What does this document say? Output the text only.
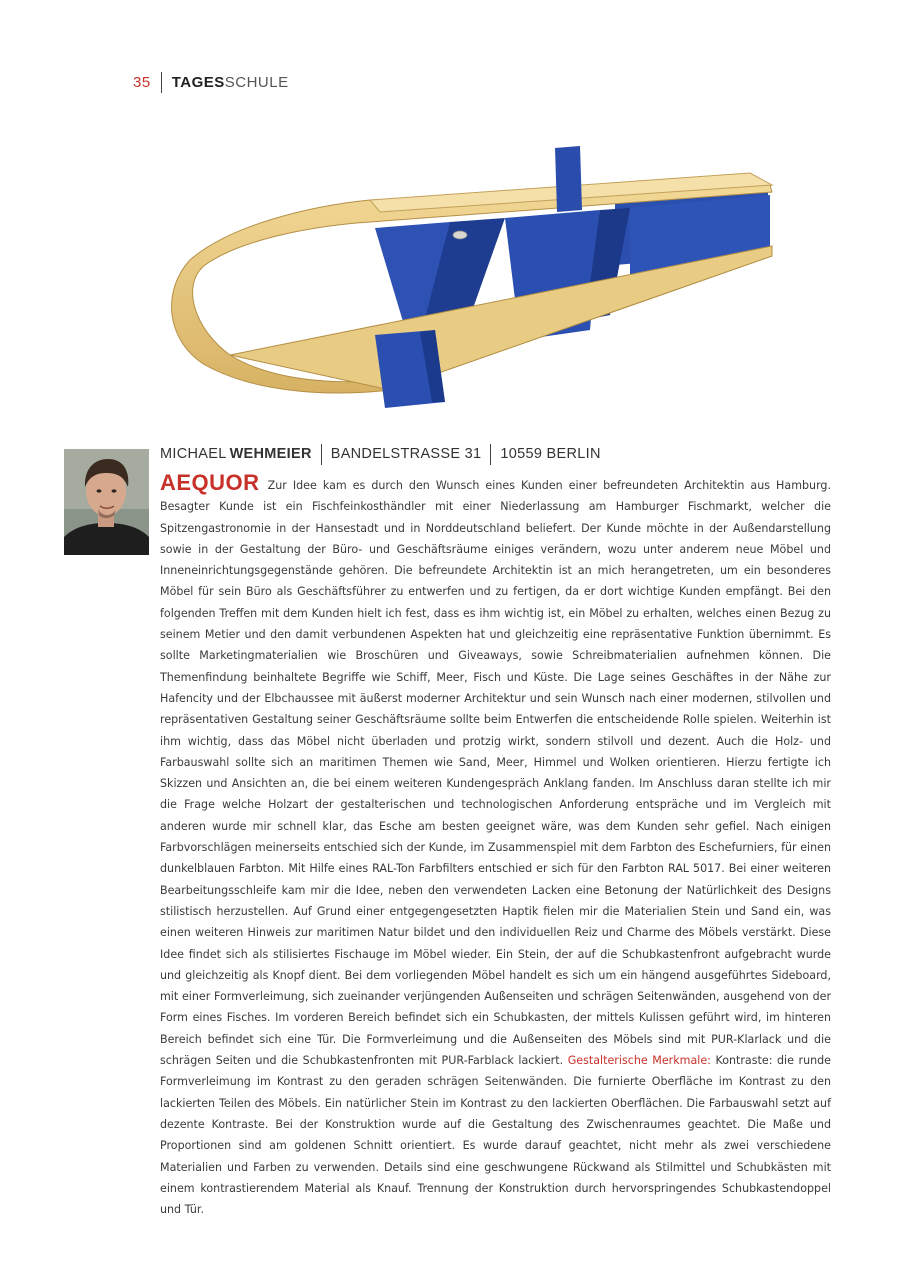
35 TAGES SCHULE
MICHAEL WEHMEIER BANDELSTRASSE 31 10559 BERLIN
AEQUOR Zur Idee kam es durch den Wunsch eines Kunden einer befreundeten Architektin aus Hamburg. Besagter Kunde ist ein Fischfeinkosthändler mit einer Niederlassung am Hamburger Fischmarkt, welcher die Spitzengastronomie in der Hansestadt und in Norddeutschland beliefert. Der Kunde möchte in der Außendarstellung sowie in der Gestaltung der Büro- und Geschäftsräume einiges verändern, wozu unter anderem neue Möbel und Inneneinrichtungsgegenstände gehören. Die befreundete Architektin ist an mich herangetreten, um ein besonderes Möbel für sein Büro als Geschäftsführer zu entwerfen und zu fertigen, da er dort wichtige Kunden empfängt. Bei den folgenden Treffen mit dem Kunden hielt ich fest, dass es ihm wichtig ist, ein Möbel zu erhalten, welches einen Bezug zu seinem Metier und den damit verbundenen Aspekten hat und gleichzeitig eine repräsentative Funktion übernimmt. Es sollte Marketingmaterialien wie Broschüren und Giveaways, sowie Schreibmaterialien aufnehmen können. Die Themenfindung beinhaltete Begriffe wie Schiff, Meer, Fisch und Küste. Die Lage seines Geschäftes in der Nähe zur Hafencity und der Elbchaussee mit äußerst moderner Architektur und sein Wunsch nach einer modernen, stilvollen und repräsentativen Gestaltung seiner Geschäftsräume sollte beim Entwerfen die entscheidende Rolle spielen. Weiterhin ist ihm wichtig, dass das Möbel nicht überladen und protzig wirkt, sondern stilvoll und dezent. Auch die Holz- und Farbauswahl sollte sich an maritimen Themen wie Sand, Meer, Himmel und Wolken orientieren. Hierzu fertigte ich Skizzen und Ansichten an, die bei einem weiteren Kundengespräch Anklang fanden. Im Anschluss daran stellte ich mir die Frage welche Holzart der gestalterischen und technologischen Anforderung entspräche und im Vergleich mit anderen wurde mir schnell klar, das Esche am besten geeignet wäre, was dem Kunden sehr gefiel. Nach einigen Farbvorschlägen meinerseits entschied sich der Kunde, im Zusammenspiel mit dem Farbton des Eschefurniers, für einen dunkelblauen Farbton. Mit Hilfe eines RAL-Ton Farbfilters entschied er sich für den Farbton RAL 5017. Bei einer weiteren Bearbeitungsschleife kam mir die Idee, neben den verwendeten Lacken eine Betonung der Natürlichkeit des Designs stilistisch herzustellen. Auf Grund einer entgegengesetzten Haptik fielen mir die Materialien Stein und Sand ein, was einen weiteren Hinweis zur maritimen Natur bildet und den individuellen Reiz und Charme des Möbels verstärkt. Diese Idee findet sich als stilisiertes Fischauge im Möbel wieder. Ein Stein, der auf die Schubkastenfront aufgebracht wurde und gleichzeitig als Knopf dient. Bei dem vorliegenden Möbel handelt es sich um ein hängend ausgeführtes Sideboard, mit einer Formverleimung, sich zueinander verjüngenden Außenseiten und schrägen Seitenwänden, ausgehend von der Form eines Fisches. Im vorderen Bereich befindet sich ein Schubkasten, der mittels Kulissen geführt wird, im hinteren Bereich befindet sich eine Tür. Die Formverleimung und die Außenseiten des Möbels sind mit PUR-Klarlack und die schrägen Seiten und die Schubkastenfronten mit PUR-Farblack lackiert. Gestalterische Merkmale: Kontraste: die runde Formverleimung im Kontrast zu den geraden schrägen Seitenwänden. Die furnierte Oberfläche im Kontrast zu den lackierten Teilen des Möbels. Ein natürlicher Stein im Kontrast zu den lackierten Oberflächen. Die Farbauswahl setzt auf dezente Kontraste. Bei der Konstruktion wurde auf die Gestaltung des Zwischenraumes geachtet. Die Maße und Proportionen sind am goldenen Schnitt orientiert. Es wurde darauf geachtet, nicht mehr als zwei verschiedene Materialien und Farben zu verwenden. Details sind eine geschwungene Rückwand als Stilmittel und Schubkästen mit einem kontrastierendem Material als Knauf. Trennung der Konstruktion durch hervorspringendes Schubkastendoppel und Tür.
